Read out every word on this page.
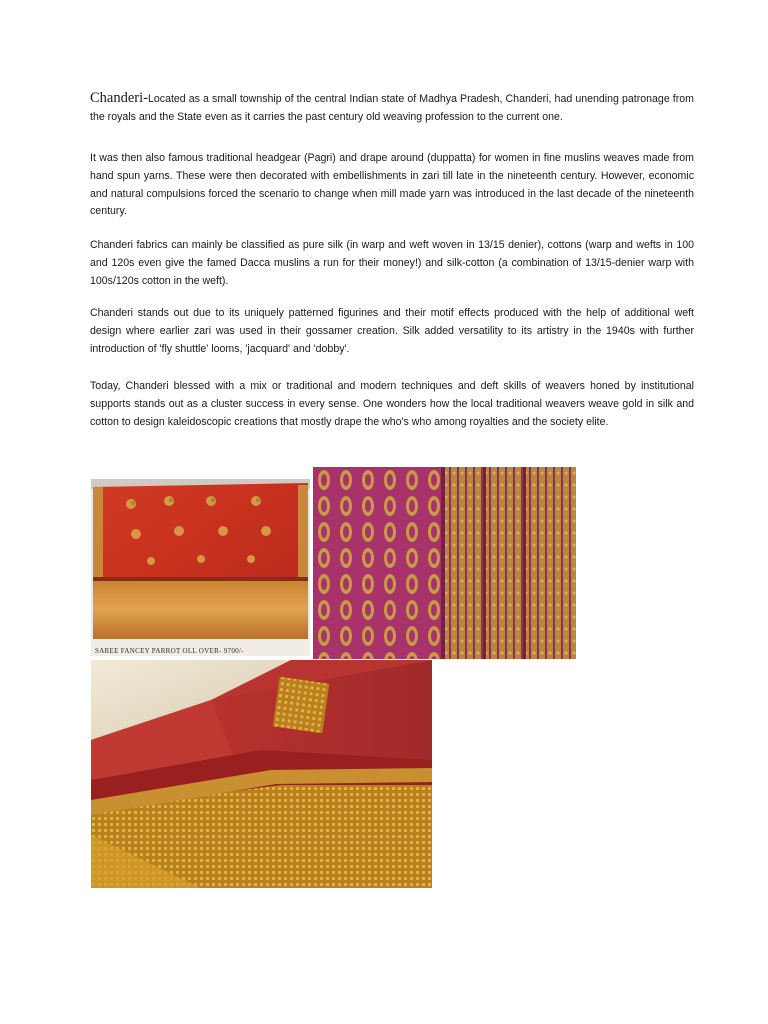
Chanderi-Located as a small township of the central Indian state of Madhya Pradesh, Chanderi, had unending patronage from the royals and the State even as it carries the past century old weaving profession to the current one.

It was then also famous traditional headgear (Pagri) and drape around (duppatta) for women in fine muslins weaves made from hand spun yarns. These were then decorated with embellishments in zari till late in the nineteenth century. However, economic and natural compulsions forced the scenario to change when mill made yarn was introduced in the last decade of the nineteenth century.

Chanderi fabrics can mainly be classified as pure silk (in warp and weft woven in 13/15 denier), cottons (warp and wefts in 100 and 120s even give the famed Dacca muslins a run for their money!) and silk-cotton (a combination of 13/15-denier warp with 100s/120s cotton in the weft).

Chanderi stands out due to its uniquely patterned figurines and their motif effects produced with the help of additional weft design where earlier zari was used in their gossamer creation. Silk added versatility to its artistry in the 1940s with further introduction of 'fly shuttle' looms, 'jacquard' and 'dobby'.

Today, Chanderi blessed with a mix or traditional and modern techniques and deft skills of weavers honed by institutional supports stands out as a cluster success in every sense. One wonders how the local traditional weavers weave gold in silk and cotton to design kaleidoscopic creations that mostly drape the who's who among royalties and the society elite.

SAREE FANCEY PARROT OLL OVER- 9700/-
